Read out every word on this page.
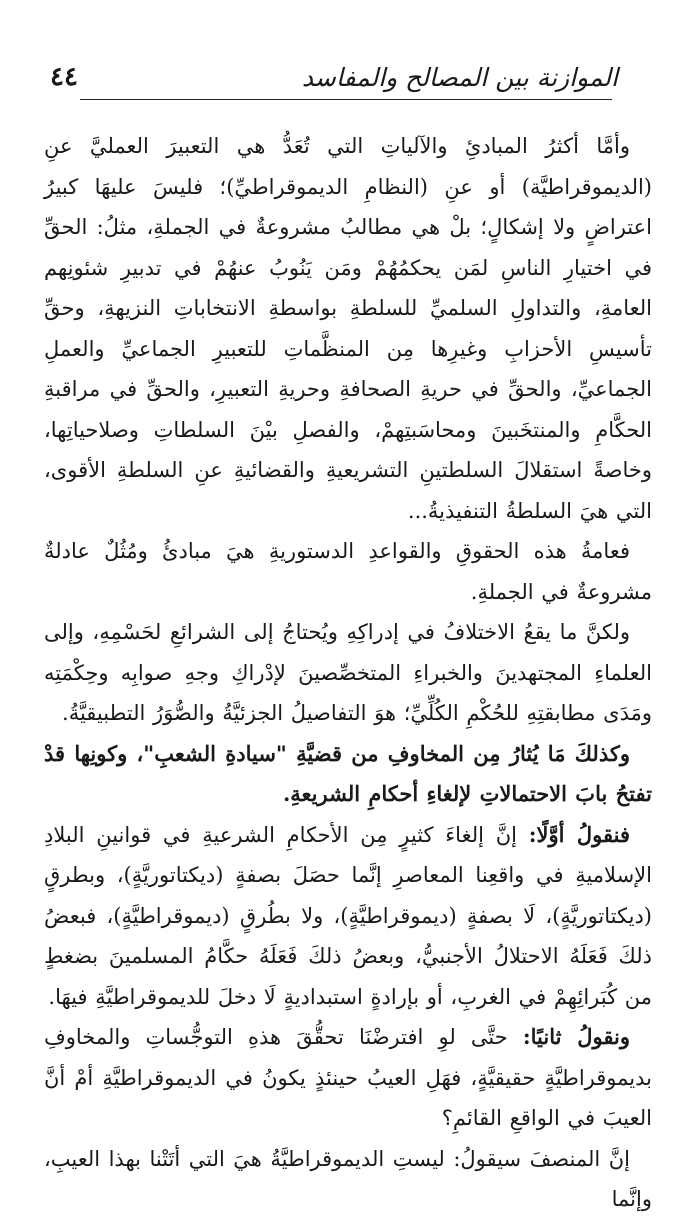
الموازنة بين المصالح والمفاسد
٤٤

وأمَّا أكثرُ المبادئِ والآلياتِ التي تُعَدُّ هي التعبيرَ العمليَّ عنِ (الديموقراطيَّة) أو عنِ (النظامِ الديموقراطيِّ)؛ فليسَ عليهَا كبيرُ اعتراضٍ ولا إشكالٍ؛ بلْ هي مطالبُ مشروعةٌ في الجملةِ، مثلُ: الحقِّ في اختيارِ الناسِ لمَن يحكمُهُمْ ومَن يَنُوبُ عنهُمْ في تدبيرِ شئونِهم العامةِ، والتداولِ السلميِّ للسلطةِ بواسطةِ الانتخاباتِ النزيهةِ، وحقِّ تأسيسِ الأحزابِ وغيرِها مِن المنظَّماتِ للتعبيرِ الجماعيِّ والعملِ الجماعيِّ، والحقِّ في حريةِ الصحافةِ وحريةِ التعبيرِ، والحقِّ في مراقبةِ الحكَّامِ والمنتخَبينَ ومحاسَبتِهمْ، والفصلِ بيْنَ السلطاتِ وصلاحياتِها، وخاصةً استقلالَ السلطتينِ التشريعيةِ والقضائيةِ عنِ السلطةِ الأقوى، التي هيَ السلطةُ التنفيذيةُ...

فعامةُ هذه الحقوقِ والقواعدِ الدستوريةِ هيَ مبادئُ ومُثُلٌ عادلةٌ مشروعةٌ في الجملةِ.

ولكنَّ ما يقعُ الاختلافُ في إدراكِهِ ويُحتاجُ إلى الشرائعِ لحَسْمِهِ، وإلى العلماءِ المجتهدينَ والخبراءِ المتخصِّصينَ لإدْراكِ وجهِ صوابِه وحِكْمَتِه ومَدَى مطابقتِهِ للحُكْمِ الكُلِّيِّ؛ هوَ التفاصيلُ الجزئيَّةُ والصُّوَرُ التطبيقيَّةُ.

وكذلكَ مَا يُثارُ مِن المخاوفِ من قضيَّةِ "سيادةِ الشعبِ"، وكونِها قدْ تفتحُ بابَ الاحتمالاتِ لإلغاءِ أحكامِ الشريعةِ.

فنقولُ أوَّلًا: إنَّ إلغاءَ كثيرٍ مِن الأحكامِ الشرعيةِ في قوانينِ البلادِ الإسلاميةِ في واقعِنا المعاصرِ إنَّما حصَلَ بصفةٍ (ديكتاتوريَّةٍ)، وبطرقٍ (ديكتاتوريَّةٍ)، لَا بصفةٍ (ديموقراطيَّةٍ)، ولا بطُرقٍ (ديموقراطيَّةٍ)، فبعضُ ذلكَ فَعَلَهُ الاحتلالُ الأجنبيُّ، وبعضُ ذلكَ فَعَلَهُ حكَّامُ المسلمينَ بضغطٍ من كُبَرائِهِمْ في الغربِ، أو بإرادةٍ استبداديةٍ لَا دخلَ للديموقراطيَّةِ فيهَا.

ونقولُ ثانيًا: حتَّى لوِ افترضْنَا تحقُّقَ هذهِ التوجُّساتِ والمخاوفِ بديموقراطيَّةٍ حقيقيَّةٍ، فهَلِ العيبُ حينئذٍ يكونُ في الديموقراطيَّةِ أمْ أنَّ العيبَ في الواقعِ القائمِ؟

إنَّ المنصفَ سيقولُ: ليستِ الديموقراطيَّةُ هيَ التي أتَتْنا بهذا العيبِ، وإنَّما
